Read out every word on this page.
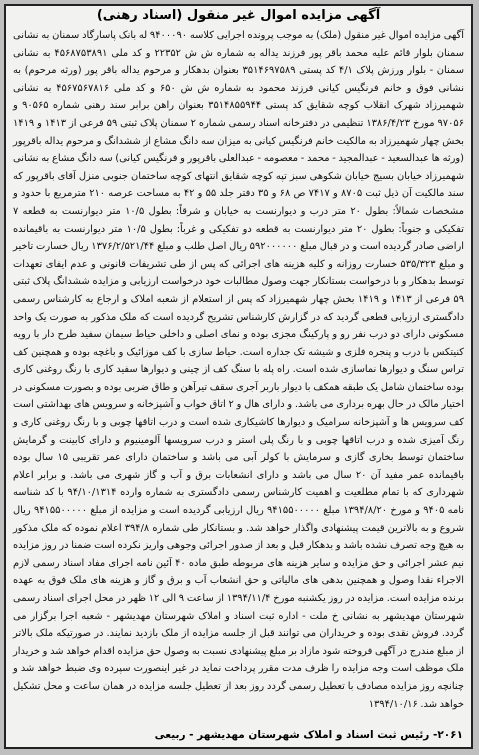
آگهی مزایده اموال غیر منقول (اسناد رهنی)
آگهی مزایده اموال غیر منقول (ملک) به موجب پرونده اجرایی کلاسه ۹۴۰۰۰۹۰ له بانک پاسارگاد سمنان به نشانی سمنان بلوار قائم علیه محمد باقر پور فرزند یداله به شماره ش ش ۲۲۳۵۲ و کد ملی ۴۵۶۸۷۵۳۸۹۱ به نشانی سمنان - بلوار ورزش پلاک ۴/۱ کد پستی ۳۵۱۴۶۹۷۵۸۹ بعنوان بدهکار و مرحوم یداله باقر پور (ورثه مرحوم) به نشانی فوق و خانم فرنگیس کیانی فرزند محمود به شماره ش ش ۶۵۰ و کد ملی ۴۵۶۷۵۶۷۸۱۶ به نشانی شهمیرزاد شهرک انقلاب کوچه شقایق کد پستی ۳۵۱۴۸۵۵۹۴۴ بعنوان راهن برابر سند رهنی شماره ۹۰۵۶۵ و ۹۷۰۵۶ مورخ ۱۳۸۶/۴/۲۳ تنظیمی در دفترخانه اسناد رسمی شماره ۲ سمنان پلاک ثبتی ۵۹ فرعی از ۱۴۱۳ و ۱۴۱۹ بخش چهار شهمیرزاد به مالکیت خانم فرنگیس کیانی به میزان سه دانگ مشاع از ششدانگ و مرحوم یداله باقرپور (ورثه ها عبدالسعید - عبدالمجید - محمد - معصومه - عبدالعلی باقرپور و فرنگیس کیانی) سه دانگ مشاع به نشانی شهمیرزاد خیابان بسیج خیابان شکوهی سبز تپه کوچه شقایق انتهای کوچه ساختمان جنوبی منزل آقای باقرپور که سند مالکیت آن ذیل ثبت ۸۷۰۵ و ۷۴۱۷ ص ۶۸ و ۳۵ دفتر جلد ۵۵ و ۴۲ به مساحت عرصه ۲۱۰ مترمربع با حدود و مشخصات شمالاً: بطول ۲۰ متر درب و دیوارنست به خیابان و شرقاً: بطول ۱۰/۵ متر دیوارنست به قطعه ۷ تفکیکی و جنوباً: بطول ۲۰ متر دیوارنست به قطعه دو تفکیکی و غرباً: بطول ۱۰/۵ متر دیوارنست به باقیمانده اراضی صادر گردیده است و در قبال مبلغ ۵۹۲۰۰۰۰۰۰ ریال اصل طلب و مبلغ ۱۳۷۶/۲/۵۲۱/۴۴ ریال خسارت تاخیر و مبلغ ۵۳۵/۳۲۳ خسارت روزانه و کلیه هزینه های اجرائی که پس از طی تشریفات قانونی و عدم ایفای تعهدات توسط بدهکار و با درخواست بستانکار جهت وصول مطالبات خود درخواست ارزیابی و مزایده ششدانگ پلاک ثبتی ۵۹ فرعی از ۱۴۱۳ و ۱۴۱۹ بخش چهار شهمیرزاد که پس از استعلام از شعبه املاک و ارجاع به کارشناس رسمی دادگستری ارزیابی قطعی گردید که در گزارش کارشناس تشریح گردیده است که ملک مذکور به صورت یک واحد مسکونی دارای دو درب نفر رو و پارکینگ مجزی بوده و نمای اصلی و داخلی حیاط سیمان سفید طرح دار با رویه کنیتکس با درب و پنجره فلزی و شیشه تک جداره است. حیاط سازی با کف موزائیک و باغچه بوده و همچنین کف تراس سنگ و دیوارها نماسازی شده است. راه پله با سنگ کف از چینی و دیوارها سفید کاری با رنگ روغنی کاری بوده ساختمان شامل یک طبقه همکف با دیوار باربر آجری سقف تیرآهن و طاق ضربی بوده و بصورت مسکونی در اختیار مالک در حال بهره برداری می باشد. و دارای هال و ۲ اتاق خواب و آشپزخانه و سرویس های بهداشتی است کف سرویس ها و آشپزخانه سرامیک و دیوارها کاشیکاری شده است و درب اتاقها چوبی و با رنگ روغنی کاری و رنگ آمیزی شده و درب اتاقها چوبی و با رنگ پلی استر و درب سرویسها آلومینیوم و دارای کابینت و گرمایش ساختمان توسط بخاری گازی و سرمایش با کولر آبی می باشد و ساختمان دارای عمر تقریبی ۱۵ سال بوده باقیمانده عمر مفید آن ۲۰ سال می باشد و دارای انشعابات برق و آب و گاز شهری می باشد. و برابر اعلام شهرداری که با تمام مطلعیت و اهمیت کارشناس رسمی دادگستری به شماره وارده ۹۴/۱۰/۱۳۱۴ با کد شناسه نامه ۹۴۰۵ و مورخ ۱۳۹۴/۸/۲۰ مبلغ ۹۴۱۵۵۰۰۰۰۰ ریال ارزیابی گردیده است و مزایده از مبلغ ۹۴۱۵۵۰۰۰۰۰ ریال شروع و به بالاترین قیمت پیشنهادی واگذار خواهد شد. و بستانکار طی شماره ۳۹۴/۸ اعلام نموده که ملک مذکور به هیچ وجه تصرف نشده باشد و بدهکار قبل و بعد از صدور اجرائی وجوهی واریز نکرده است ضمنا در روز مزایده نیم عشر اجرائی و حق مزایده و سایر هزینه های مربوطه طبق ماده ۴۰ آئین نامه اجرای مفاد اسناد رسمی لازم الاجراء نقدا وصول و همچنین بدهی های مالیاتی و حق انشعاب آب و برق و گاز و هزینه های ملک فوق به عهده برنده مزایده است. مزایده در روز یکشنبه مورخ ۱۳۹۴/۱۱/۴ از ساعت ۹ الی ۱۲ ظهر در محل اجرای اسناد رسمی شهرستان مهدیشهر به نشانی خ ملت - اداره ثبت اسناد و املاک شهرستان مهدیشهر - شعبه اجرا برگزار می گردد. فروش نقدی بوده و خریداران می توانند قبل از جلسه مزایده از ملک بازدید نمایند. در صورتیکه ملک بالاتر از مبلغ مندرج در آگهی فروخته شود مازاد بر مبلغ پیشنهادی نسبت به وصول حق مزایده اقدام خواهد شد و خریدار ملک موظف است وجه مزایده را ظرف مدت مقرر پرداخت نماید در غیر اینصورت سپرده وی ضبط خواهد شد و چنانچه روز مزایده مصادف با تعطیل رسمی گردد روز بعد از تعطیل جلسه مزایده در همان ساعت و محل تشکیل خواهد شد. ۱۳۹۴/۱۰/۱۶
۲۰۶۱- رئیس ثبت اسناد و املاک شهرستان مهدیشهر - ربیعی
